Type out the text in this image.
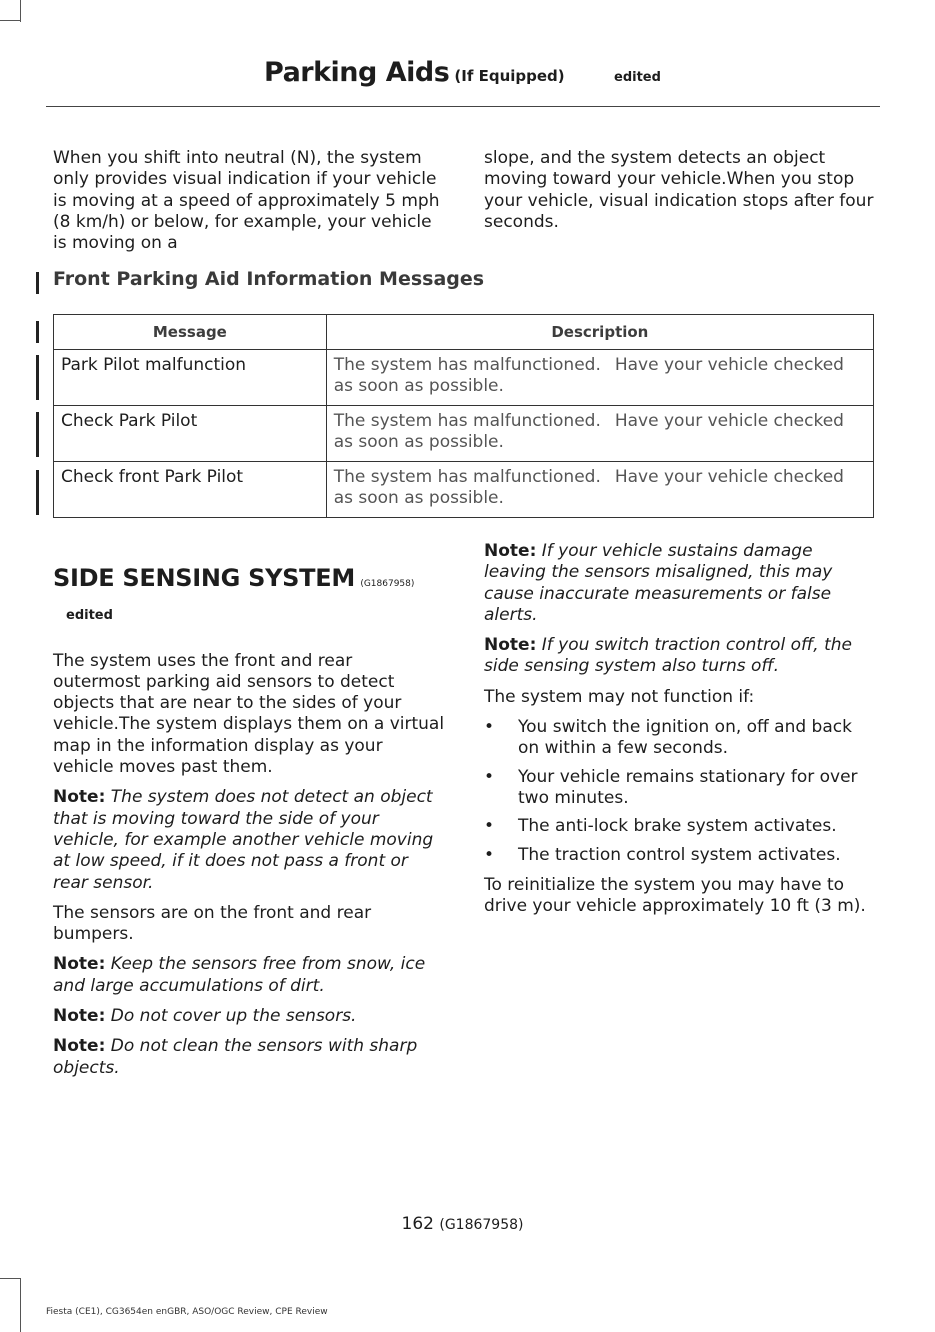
Parking Aids (If Equipped)	edited

When you shift into neutral (N), the system only provides visual indication if your vehicle is moving at a speed of approximately 5 mph (8 km/h) or below, for example, your vehicle is moving on a

slope, and the system detects an object moving toward your vehicle.When you stop your vehicle, visual indication stops after four seconds.

Front Parking Aid Information Messages
Message	Description
Park Pilot malfunction	The system has malfunctioned. Have your vehicle checked as soon as possible.
Check Park Pilot	The system has malfunctioned. Have your vehicle checked as soon as possible.
Check front Park Pilot	The system has malfunctioned. Have your vehicle checked as soon as possible.
SIDE SENSING SYSTEM (G1867958)
edited

The system uses the front and rear outermost parking aid sensors to detect objects that are near to the sides of your vehicle.The system displays them on a virtual map in the information display as your vehicle moves past them.

Note: The system does not detect an object that is moving toward the side of your vehicle, for example another vehicle moving at low speed, if it does not pass a front or rear sensor.

The sensors are on the front and rear bumpers.

Note: Keep the sensors free from snow, ice and large accumulations of dirt.

Note: Do not cover up the sensors.

Note: Do not clean the sensors with sharp objects.

Note: If your vehicle sustains damage leaving the sensors misaligned, this may cause inaccurate measurements or false alerts.

Note: If you switch traction control off, the side sensing system also turns off.

The system may not function if:

• You switch the ignition on, off and back on within a few seconds.
• Your vehicle remains stationary for over two minutes.
• The anti-lock brake system activates.
• The traction control system activates.

To reinitialize the system you may have to drive your vehicle approximately 10 ft (3 m).

162 (G1867958)
Fiesta (CE1), CG3654en enGBR, ASO/OGC Review, CPE Review
